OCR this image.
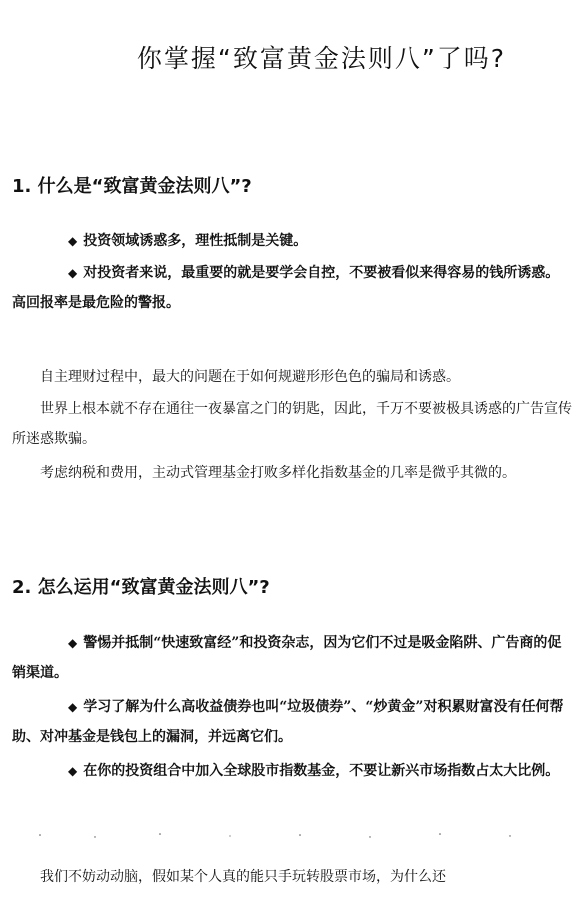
你掌握“致富黄金法则八”了吗?
1. 什么是“致富黄金法则八”?

◆ 投资领域诱惑多，理性抵制是关键。

◆ 对投资者来说，最重要的就是要学会自控，不要被看似来得容易的钱所诱惑。高回报率是最危险的警报。

自主理财过程中，最大的问题在于如何规避形形色色的骗局和诱惑。

世界上根本就不存在通往一夜暴富之门的钥匙，因此，千万不要被极具诱惑的广告宣传所迷惑欺骗。

考虑纳税和费用，主动式管理基金打败多样化指数基金的几率是微乎其微的。

2. 怎么运用“致富黄金法则八”?

◆ 警惕并抵制“快速致富经”和投资杂志，因为它们不过是吸金陷阱、广告商的促销渠道。

◆ 学习了解为什么高收益债券也叫“垃圾债券”、“炒黄金”对积累财富没有任何帮助、对冲基金是钱包上的漏洞，并远离它们。

◆ 在你的投资组合中加入全球股市指数基金，不要让新兴市场指数占太大比例。

我们不妨动动脑，假如某个人真的能只手玩转股票市场，为什么还
